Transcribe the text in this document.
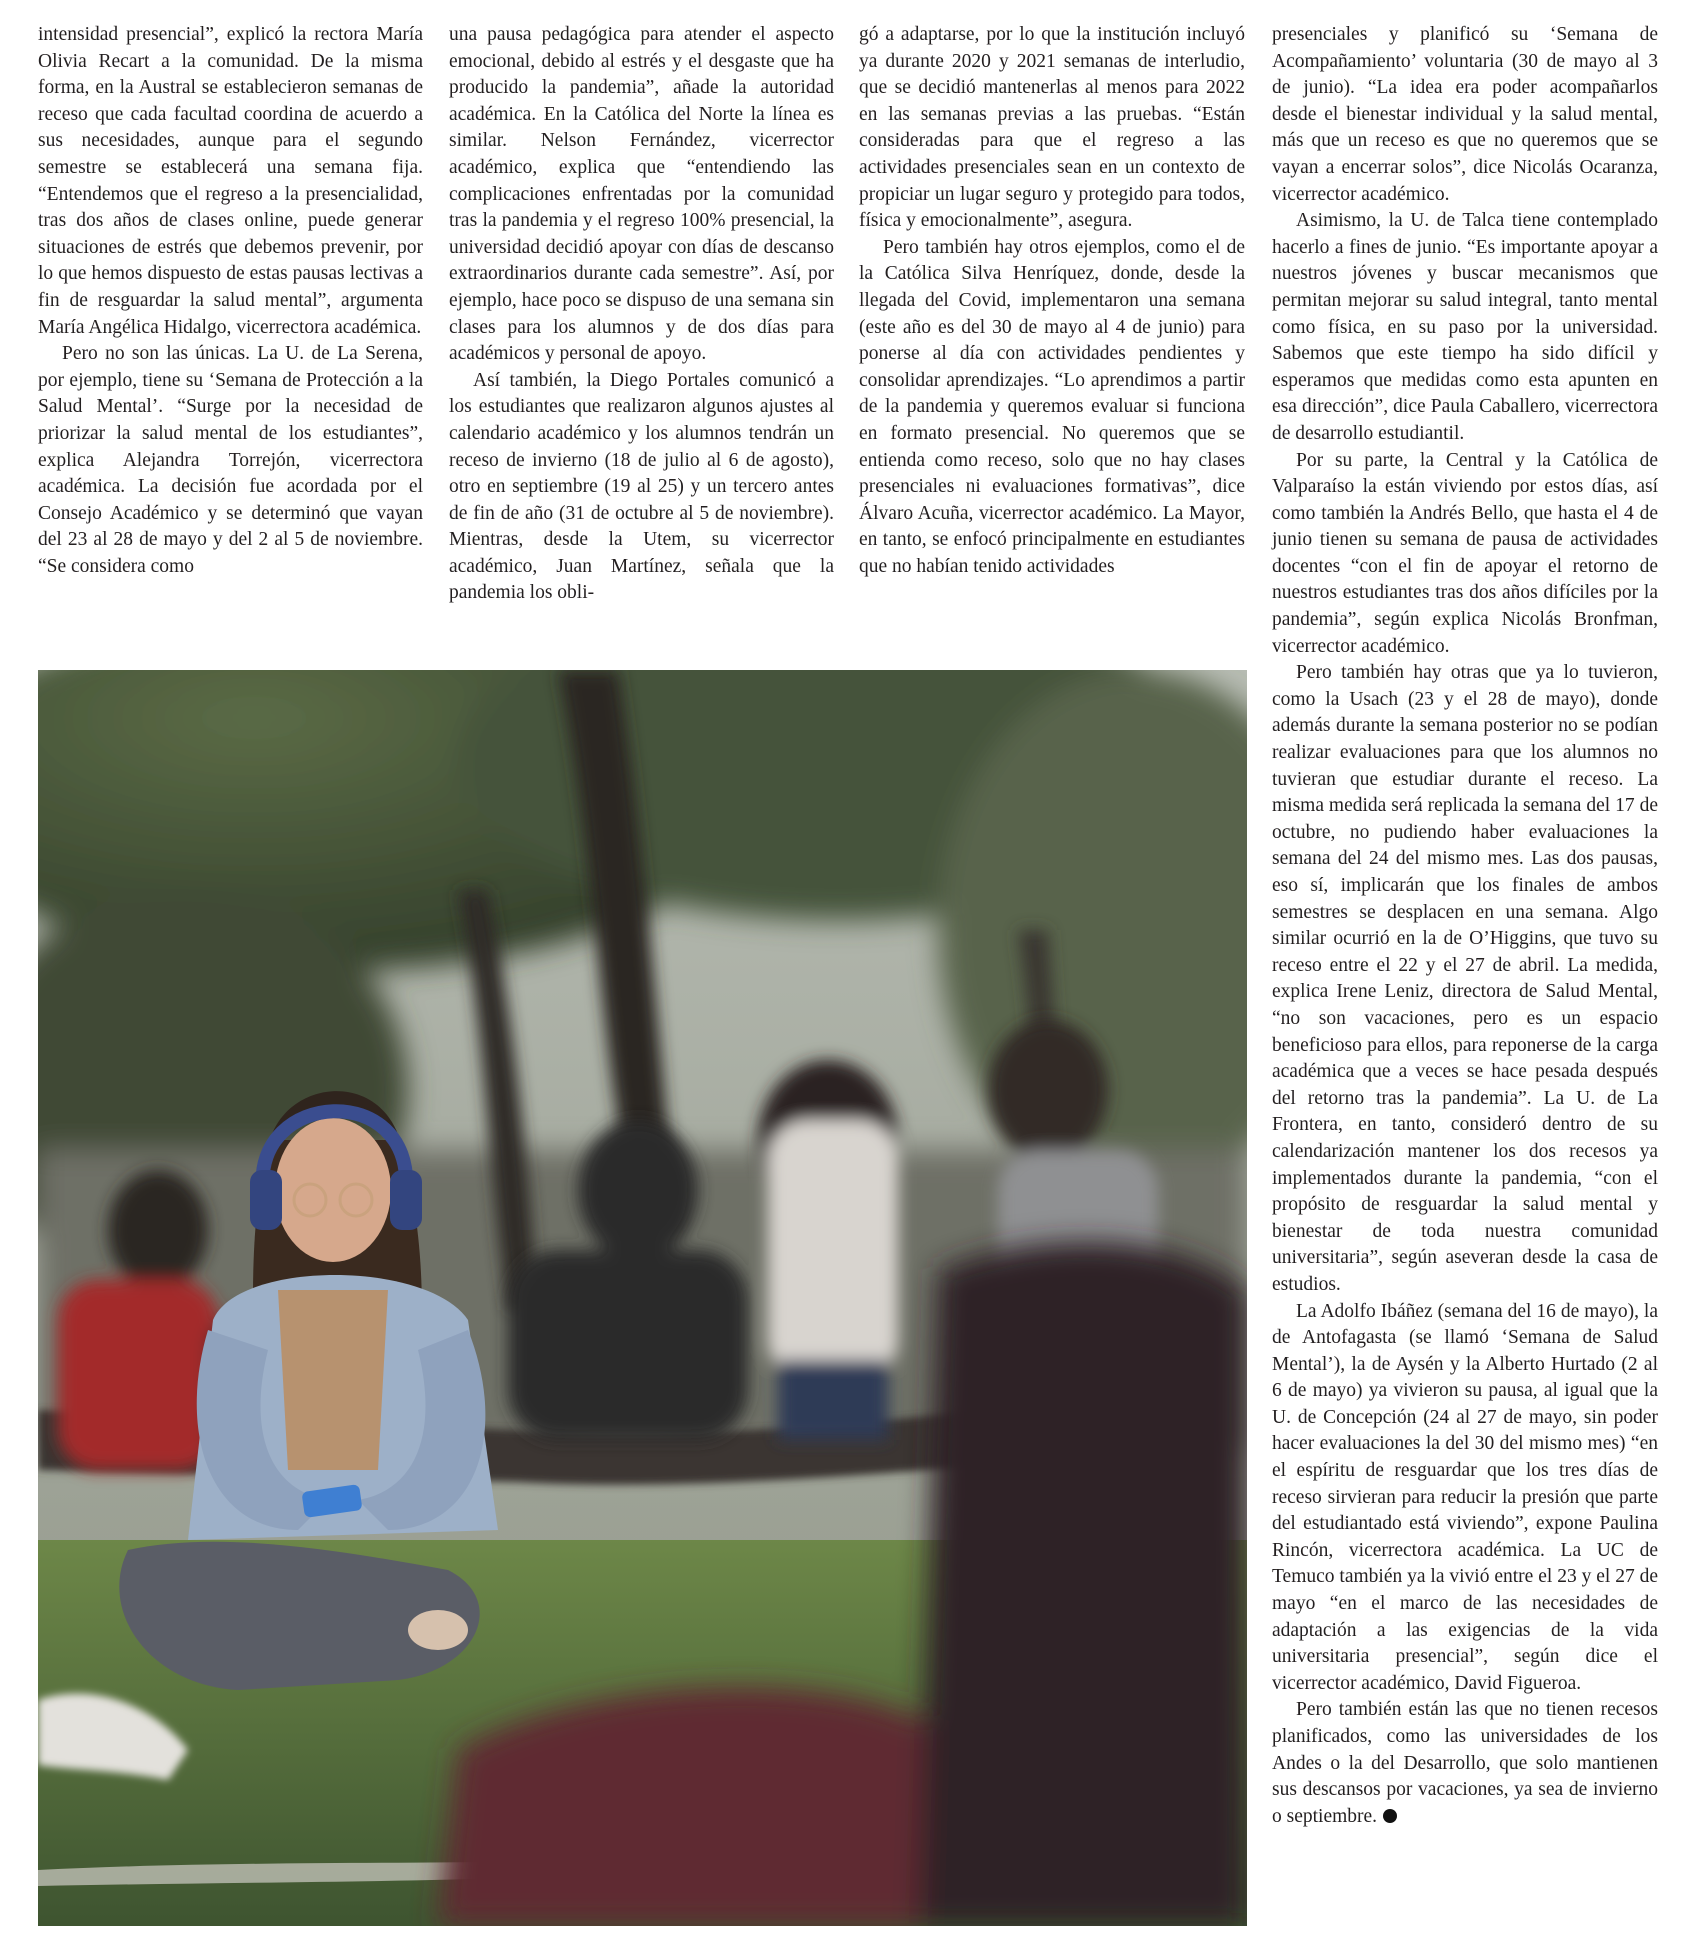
intensidad presencial”, explicó la rectora María Olivia Recart a la comunidad. De la misma forma, en la Austral se establecieron semanas de receso que cada facultad coordina de acuerdo a sus necesidades, aunque para el segundo semestre se establecerá una semana fija. “Entendemos que el regreso a la presencialidad, tras dos años de clases online, puede generar situaciones de estrés que debemos prevenir, por lo que hemos dispuesto de estas pausas lectivas a fin de resguardar la salud mental”, argumenta María Angélica Hidalgo, vicerrectora académica.

Pero no son las únicas. La U. de La Serena, por ejemplo, tiene su ‘Semana de Protección a la Salud Mental’. “Surge por la necesidad de priorizar la salud mental de los estudiantes”, explica Alejandra Torrejón, vicerrectora académica. La decisión fue acordada por el Consejo Académico y se determinó que vayan del 23 al 28 de mayo y del 2 al 5 de noviembre. “Se considera como

una pausa pedagógica para atender el aspecto emocional, debido al estrés y el desgaste que ha producido la pandemia”, añade la autoridad académica. En la Católica del Norte la línea es similar. Nelson Fernández, vicerrector académico, explica que “entendiendo las complicaciones enfrentadas por la comunidad tras la pandemia y el regreso 100% presencial, la universidad decidió apoyar con días de descanso extraordinarios durante cada semestre”. Así, por ejemplo, hace poco se dispuso de una semana sin clases para los alumnos y de dos días para académicos y personal de apoyo.

Así también, la Diego Portales comunicó a los estudiantes que realizaron algunos ajustes al calendario académico y los alumnos tendrán un receso de invierno (18 de julio al 6 de agosto), otro en septiembre (19 al 25) y un tercero antes de fin de año (31 de octubre al 5 de noviembre). Mientras, desde la Utem, su vicerrector académico, Juan Martínez, señala que la pandemia los obli-

gó a adaptarse, por lo que la institución incluyó ya durante 2020 y 2021 semanas de interludio, que se decidió mantenerlas al menos para 2022 en las semanas previas a las pruebas. “Están consideradas para que el regreso a las actividades presenciales sean en un contexto de propiciar un lugar seguro y protegido para todos, física y emocionalmente”, asegura.

Pero también hay otros ejemplos, como el de la Católica Silva Henríquez, donde, desde la llegada del Covid, implementaron una semana (este año es del 30 de mayo al 4 de junio) para ponerse al día con actividades pendientes y consolidar aprendizajes. “Lo aprendimos a partir de la pandemia y queremos evaluar si funciona en formato presencial. No queremos que se entienda como receso, solo que no hay clases presenciales ni evaluaciones formativas”, dice Álvaro Acuña, vicerrector académico. La Mayor, en tanto, se enfocó principalmente en estudiantes que no habían tenido actividades

presenciales y planificó su ‘Semana de Acompañamiento’ voluntaria (30 de mayo al 3 de junio). “La idea era poder acompañarlos desde el bienestar individual y la salud mental, más que un receso es que no queremos que se vayan a encerrar solos”, dice Nicolás Ocaranza, vicerrector académico.

Asimismo, la U. de Talca tiene contemplado hacerlo a fines de junio. “Es importante apoyar a nuestros jóvenes y buscar mecanismos que permitan mejorar su salud integral, tanto mental como física, en su paso por la universidad. Sabemos que este tiempo ha sido difícil y esperamos que medidas como esta apunten en esa dirección”, dice Paula Caballero, vicerrectora de desarrollo estudiantil.

Por su parte, la Central y la Católica de Valparaíso la están viviendo por estos días, así como también la Andrés Bello, que hasta el 4 de junio tienen su semana de pausa de actividades docentes “con el fin de apoyar el retorno de nuestros estudiantes tras dos años difíciles por la pandemia”, según explica Nicolás Bronfman, vicerrector académico.

Pero también hay otras que ya lo tuvieron, como la Usach (23 y el 28 de mayo), donde además durante la semana posterior no se podían realizar evaluaciones para que los alumnos no tuvieran que estudiar durante el receso. La misma medida será replicada la semana del 17 de octubre, no pudiendo haber evaluaciones la semana del 24 del mismo mes. Las dos pausas, eso sí, implicarán que los finales de ambos semestres se desplacen en una semana. Algo similar ocurrió en la de O’Higgins, que tuvo su receso entre el 22 y el 27 de abril. La medida, explica Irene Leniz, directora de Salud Mental, “no son vacaciones, pero es un espacio beneficioso para ellos, para reponerse de la carga académica que a veces se hace pesada después del retorno tras la pandemia”. La U. de La Frontera, en tanto, consideró dentro de su calendarización mantener los dos recesos ya implementados durante la pandemia, “con el propósito de resguardar la salud mental y bienestar de toda nuestra comunidad universitaria”, según aseveran desde la casa de estudios.

La Adolfo Ibáñez (semana del 16 de mayo), la de Antofagasta (se llamó ‘Semana de Salud Mental’), la de Aysén y la Alberto Hurtado (2 al 6 de mayo) ya vivieron su pausa, al igual que la U. de Concepción (24 al 27 de mayo, sin poder hacer evaluaciones la del 30 del mismo mes) “en el espíritu de resguardar que los tres días de receso sirvieran para reducir la presión que parte del estudiantado está viviendo”, expone Paulina Rincón, vicerrectora académica. La UC de Temuco también ya la vivió entre el 23 y el 27 de mayo “en el marco de las necesidades de adaptación a las exigencias de la vida universitaria presencial”, según dice el vicerrector académico, David Figueroa.

Pero también están las que no tienen recesos planificados, como las universidades de los Andes o la del Desarrollo, que solo mantienen sus descansos por vacaciones, ya sea de invierno o septiembre.
